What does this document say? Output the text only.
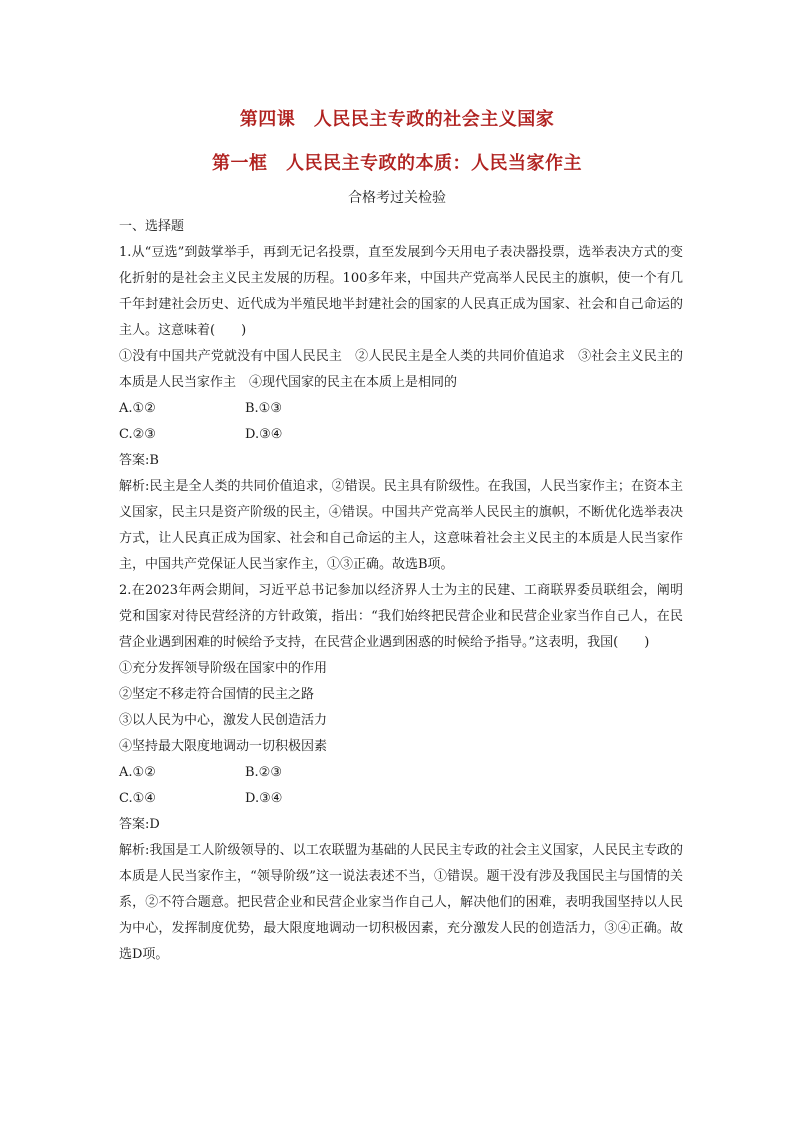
第四课　人民民主专政的社会主义国家
第一框　人民民主专政的本质：人民当家作主
合格考过关检验
一、选择题
1.从“豆选”到鼓掌举手，再到无记名投票，直至发展到今天用电子表决器投票，选举表决方式的变化折射的是社会主义民主发展的历程。100多年来，中国共产党高举人民民主的旗帜，使一个有几千年封建社会历史、近代成为半殖民地半封建社会的国家的人民真正成为国家、社会和自己命运的主人。这意味着(　　)
①没有中国共产党就没有中国人民民主　②人民民主是全人类的共同价值追求　③社会主义民主的本质是人民当家作主　④现代国家的民主在本质上是相同的
A.①②	B.①③
C.②③	D.③④
答案:B
解析:民主是全人类的共同价值追求，②错误。民主具有阶级性。在我国，人民当家作主；在资本主义国家，民主只是资产阶级的民主，④错误。中国共产党高举人民民主的旗帜，不断优化选举表决方式，让人民真正成为国家、社会和自己命运的主人，这意味着社会主义民主的本质是人民当家作主，中国共产党保证人民当家作主，①③正确。故选B项。
2.在2023年两会期间，习近平总书记参加以经济界人士为主的民建、工商联界委员联组会，阐明党和国家对待民营经济的方针政策，指出：“我们始终把民营企业和民营企业家当作自己人，在民营企业遇到困难的时候给予支持，在民营企业遇到困惑的时候给予指导。”这表明，我国(　　)
①充分发挥领导阶级在国家中的作用
②坚定不移走符合国情的民主之路
③以人民为中心，激发人民创造活力
④坚持最大限度地调动一切积极因素
A.①②	B.②③
C.①④	D.③④
答案:D
解析:我国是工人阶级领导的、以工农联盟为基础的人民民主专政的社会主义国家，人民民主专政的本质是人民当家作主，“领导阶级”这一说法表述不当，①错误。题干没有涉及我国民主与国情的关系，②不符合题意。把民营企业和民营企业家当作自己人，解决他们的困难，表明我国坚持以人民为中心，发挥制度优势，最大限度地调动一切积极因素，充分激发人民的创造活力，③④正确。故选D项。
